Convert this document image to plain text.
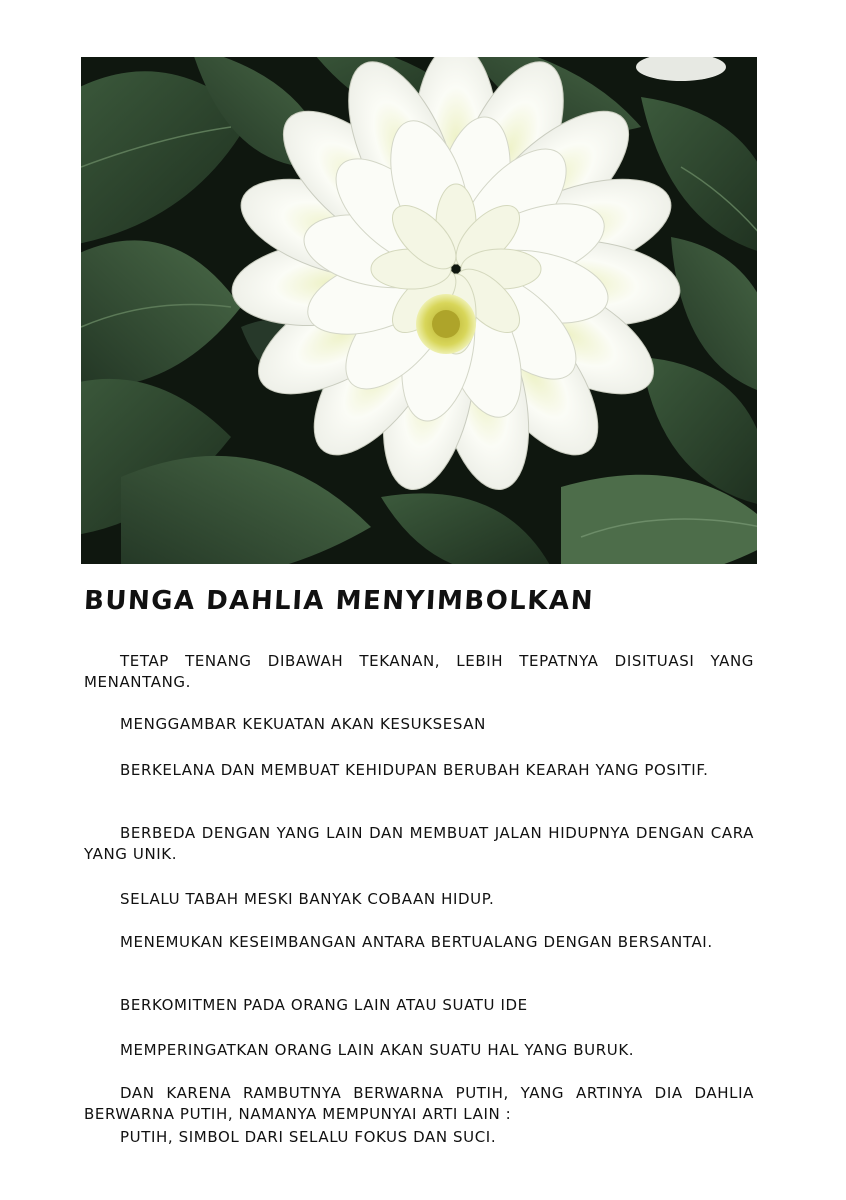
BUNGA DAHLIA MENYIMBOLKAN

TETAP TENANG DIBAWAH TEKANAN, LEBIH TEPATNYA DISITUASI YANG MENANTANG.

MENGGAMBAR KEKUATAN AKAN KESUKSESAN

BERKELANA DAN MEMBUAT KEHIDUPAN BERUBAH KEARAH YANG POSITIF.

BERBEDA DENGAN YANG LAIN DAN MEMBUAT JALAN HIDUPNYA DENGAN CARA YANG UNIK.

SELALU TABAH MESKI BANYAK COBAAN HIDUP.

MENEMUKAN KESEIMBANGAN ANTARA BERTUALANG DENGAN BERSANTAI.

BERKOMITMEN PADA ORANG LAIN ATAU SUATU IDE

MEMPERINGATKAN ORANG LAIN AKAN SUATU HAL YANG BURUK.

DAN KARENA RAMBUTNYA BERWARNA PUTIH, YANG ARTINYA DIA DAHLIA BERWARNA PUTIH, NAMANYA MEMPUNYAI ARTI LAIN :

PUTIH, SIMBOL DARI SELALU FOKUS DAN SUCI.
